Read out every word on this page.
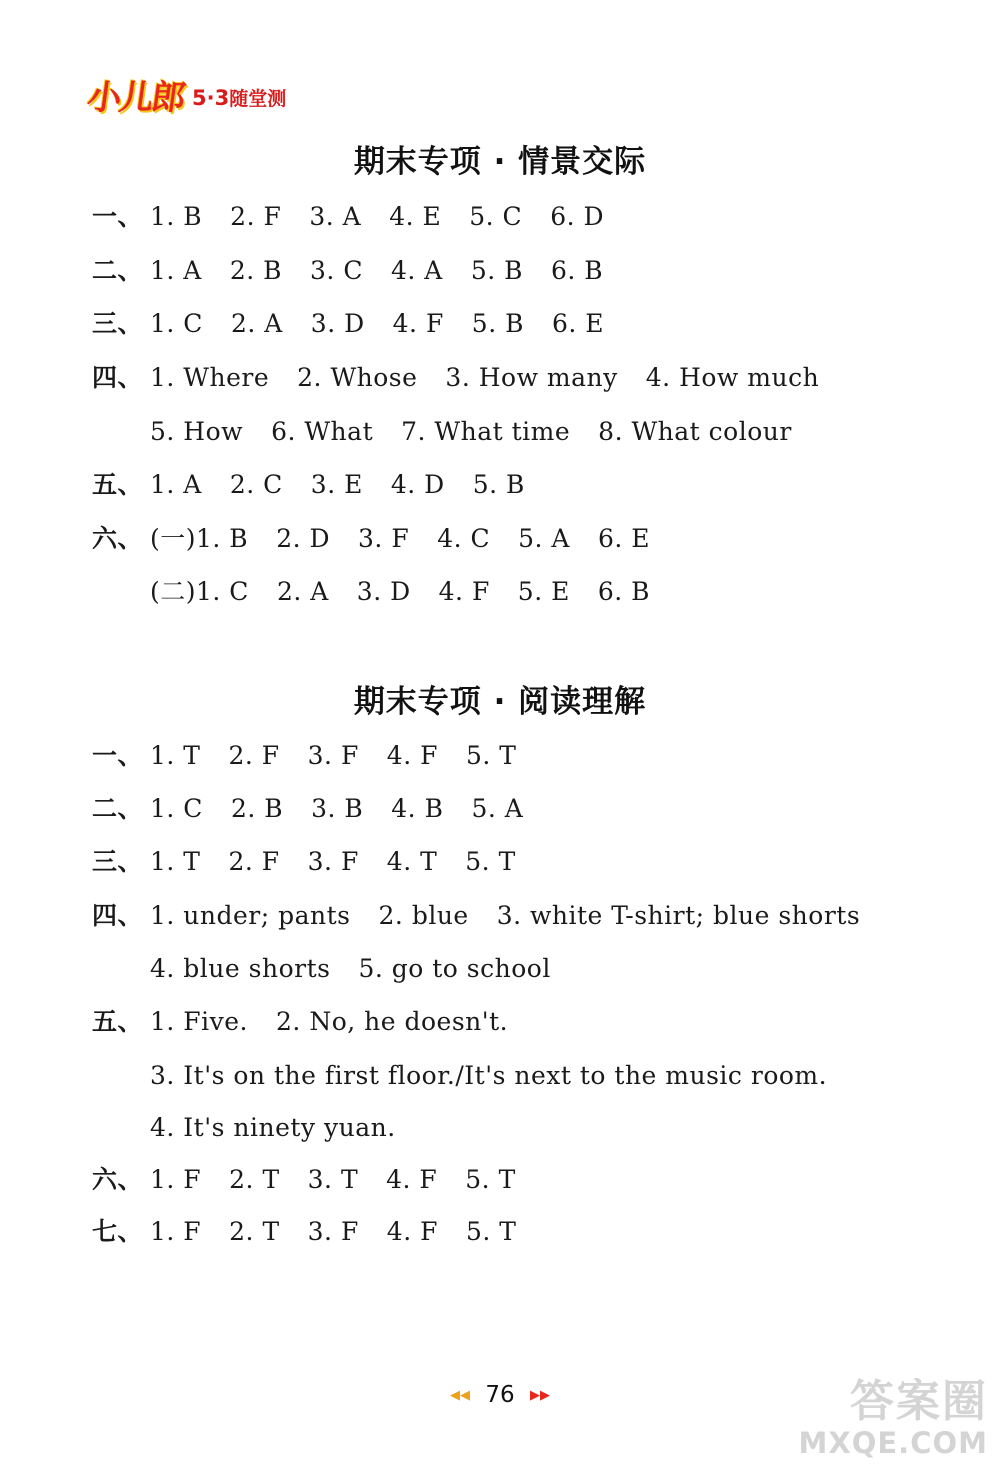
小儿郎 5·3随堂测
期末专项 · 情景交际
一、 1. B 2. F 3. A 4. E 5. C 6. D
二、 1. A 2. B 3. C 4. A 5. B 6. B
三、 1. C 2. A 3. D 4. F 5. B 6. E
四、 1. Where 2. Whose 3. How many 4. How much
5. How 6. What 7. What time 8. What colour
五、 1. A 2. C 3. E 4. D 5. B
六、 (一)1. B 2. D 3. F 4. C 5. A 6. E
(二)1. C 2. A 3. D 4. F 5. E 6. B
期末专项 · 阅读理解
一、 1. T 2. F 3. F 4. F 5. T
二、 1. C 2. B 3. B 4. B 5. A
三、 1. T 2. F 3. F 4. T 5. T
四、 1. under; pants 2. blue 3. white T-shirt; blue shorts
4. blue shorts 5. go to school
五、 1. Five. 2. No, he doesn't.
3. It's on the first floor./It's next to the music room.
4. It's ninety yuan.
六、 1. F 2. T 3. T 4. F 5. T
七、 1. F 2. T 3. F 4. F 5. T
◀◀ 76 ▶▶	答案圈
MXQE.COM
